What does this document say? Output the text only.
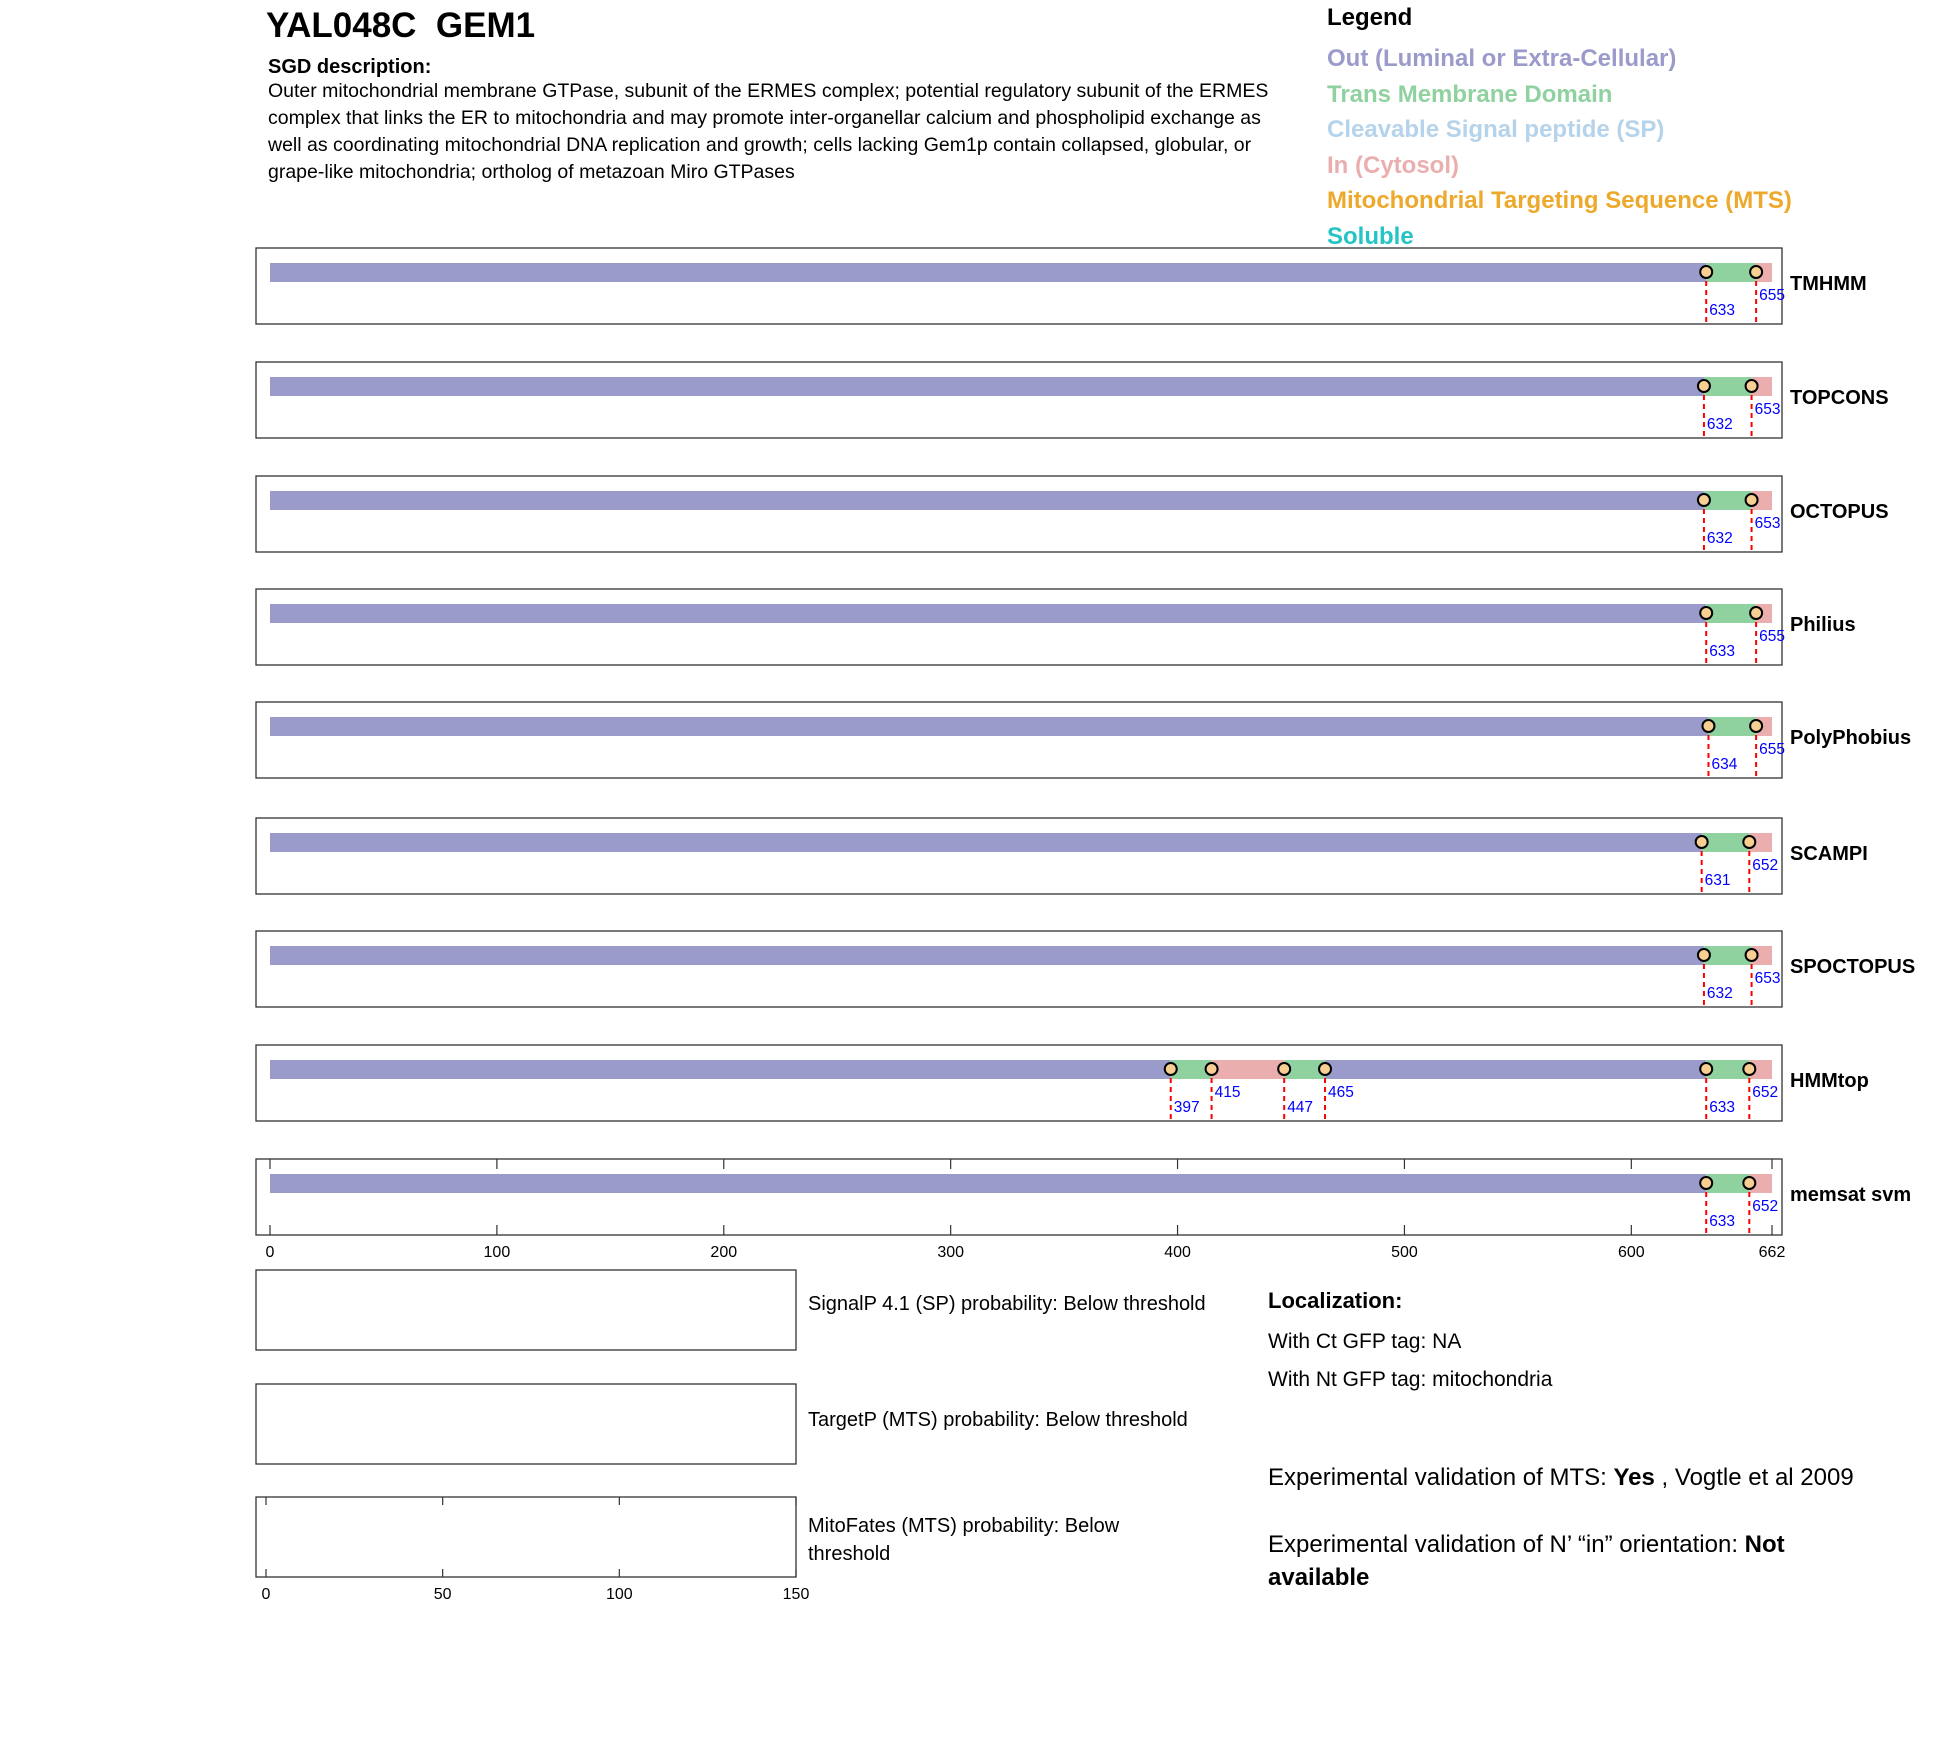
YAL048C  GEM1
SGD description:
Outer mitochondrial membrane GTPase, subunit of the ERMES complex; potential regulatory subunit of the ERMES complex that links the ER to mitochondria and may promote inter-organellar calcium and phospholipid exchange as well as coordinating mitochondrial DNA replication and growth; cells lacking Gem1p contain collapsed, globular, or grape-like mitochondria; ortholog of metazoan Miro GTPases
Legend
Out (Luminal or Extra-Cellular)
Trans Membrane Domain
Cleavable Signal peptide (SP)
In (Cytosol)
Mitochondrial Targeting Sequence (MTS)
Soluble
633
655
TMHMM
632
653
TOPCONS
632
653
OCTOPUS
633
655
Philius
634
655
PolyPhobius
631
652
SCAMPI
632
653
SPOCTOPUS
397
415
447
465
633
652
HMMtop
633
652
memsat svm
0	100	200	300	400	500	600	662
0	50	100	150
SignalP 4.1 (SP) probability: Below threshold
TargetP (MTS) probability: Below threshold
MitoFates (MTS) probability: Below threshold
Localization:
With Ct GFP tag: NA
With Nt GFP tag: mitochondria
Experimental validation of MTS: Yes , Vogtle et al 2009
Experimental validation of N’ “in” orientation: Not available
